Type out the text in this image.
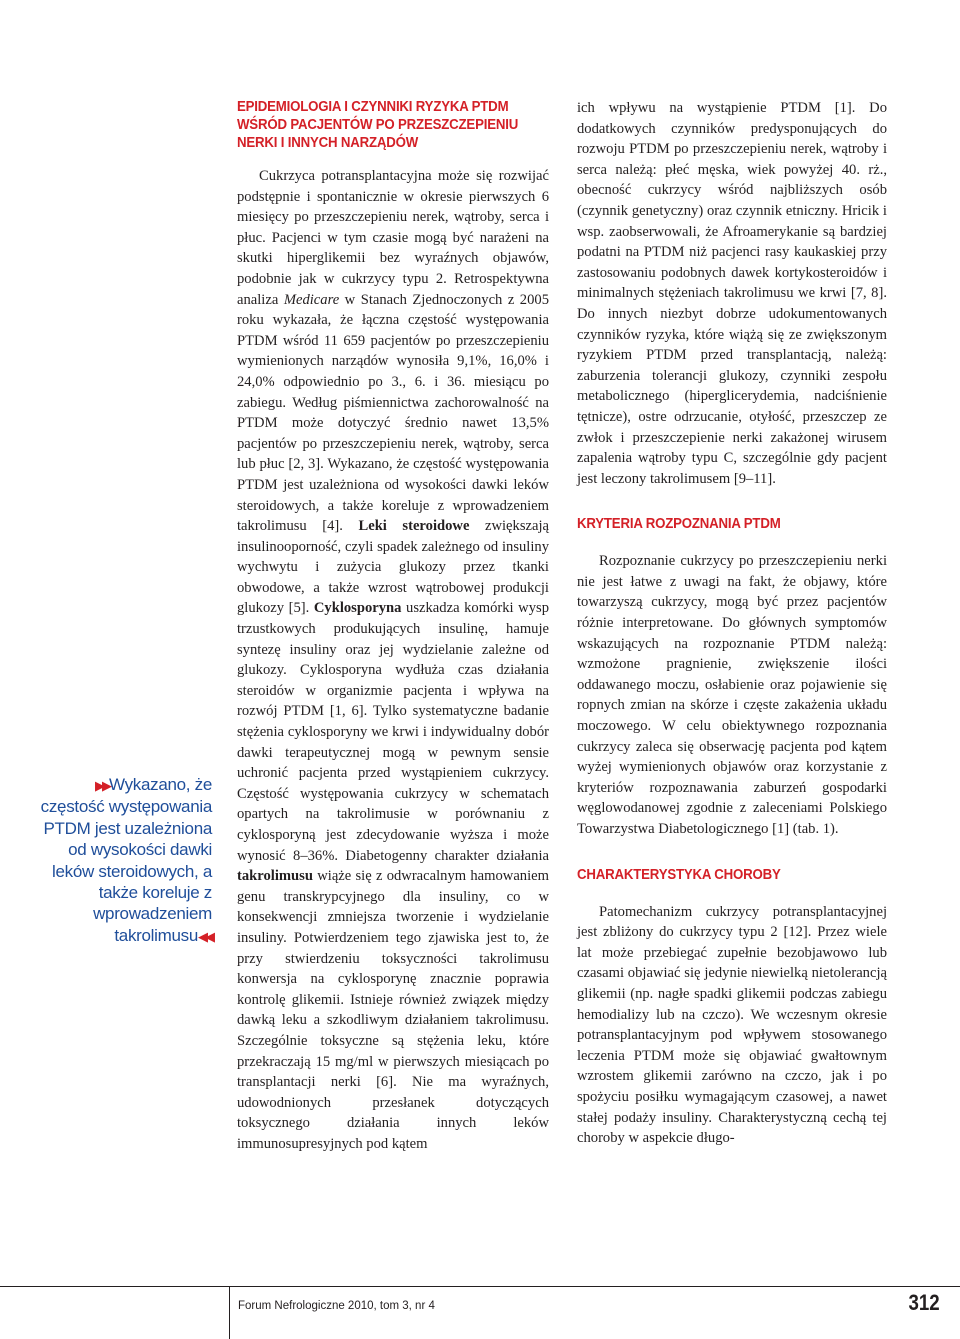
▶▶Wykazano, że częstość występowania PTDM jest uzależniona od wysokości dawki leków steroidowych, a także koreluje z wprowadzeniem takrolimusu◀◀
EPIDEMIOLOGIA I CZYNNIKI RYZYKA PTDM WŚRÓD PACJENTÓW PO PRZESZCZEPIENIU NERKI I INNYCH NARZĄDÓW

Cukrzyca potransplantacyjna może się rozwijać podstępnie i spontanicznie w okresie pierwszych 6 miesięcy po przeszczepieniu nerek, wątroby, serca i płuc. Pacjenci w tym czasie mogą być narażeni na skutki hiperglikemii bez wyraźnych objawów, podobnie jak w cukrzycy typu 2. Retrospektywna analiza Medicare w Stanach Zjednoczonych z 2005 roku wykazała, że łączna częstość występowania PTDM wśród 11 659 pacjentów po przeszczepieniu wymienionych narządów wynosiła 9,1%, 16,0% i 24,0% odpowiednio po 3., 6. i 36. miesiącu po zabiegu. Według piśmiennictwa zachorowalność na PTDM może dotyczyć średnio nawet 13,5% pacjentów po przeszczepieniu nerek, wątroby, serca lub płuc [2, 3]. Wykazano, że częstość występowania PTDM jest uzależniona od wysokości dawki leków steroidowych, a także koreluje z wprowadzeniem takrolimusu [4]. Leki steroidowe zwiększają insulinooporność, czyli spadek zależnego od insuliny wychwytu i zużycia glukozy przez tkanki obwodowe, a także wzrost wątrobowej produkcji glukozy [5]. Cyklosporyna uszkadza komórki wysp trzustkowych produkujących insulinę, hamuje syntezę insuliny oraz jej wydzielanie zależne od glukozy. Cyklosporyna wydłuża czas działania steroidów w organizmie pacjenta i wpływa na rozwój PTDM [1, 6]. Tylko systematyczne badanie stężenia cyklosporyny we krwi i indywidualny dobór dawki terapeutycznej mogą w pewnym sensie uchronić pacjenta przed wystąpieniem cukrzycy. Częstość występowania cukrzycy w schematach opartych na takrolimusie w porównaniu z cyklosporyną jest zdecydowanie wyższa i może wynosić 8–36%. Diabetogenny charakter działania takrolimusu wiąże się z odwracalnym hamowaniem genu transkrypcyjnego dla insuliny, co w konsekwencji zmniejsza tworzenie i wydzielanie insuliny. Potwierdzeniem tego zjawiska jest to, że przy stwierdzeniu toksyczności takrolimusu konwersja na cyklosporynę znacznie poprawia kontrolę glikemii. Istnieje również związek między dawką leku a szkodliwym działaniem takrolimusu. Szczególnie toksyczne są stężenia leku, które przekraczają 15 mg/ml w pierwszych miesiącach po transplantacji nerki [6]. Nie ma wyraźnych, udowodnionych przesłanek dotyczących toksycznego działania innych leków immunosupresyjnych pod kątem

ich wpływu na wystąpienie PTDM [1]. Do dodatkowych czynników predysponujących do rozwoju PTDM po przeszczepieniu nerek, wątroby i serca należą: płeć męska, wiek powyżej 40. rż., obecność cukrzycy wśród najbliższych osób (czynnik genetyczny) oraz czynnik etniczny. Hricik i wsp. zaobserwowali, że Afroamerykanie są bardziej podatni na PTDM niż pacjenci rasy kaukaskiej przy zastosowaniu podobnych dawek kortykosteroidów i minimalnych stężeniach takrolimusu we krwi [7, 8]. Do innych niezbyt dobrze udokumentowanych czynników ryzyka, które wiążą się ze zwiększonym ryzykiem PTDM przed transplantacją, należą: zaburzenia tolerancji glukozy, czynniki zespołu metabolicznego (hiperglicerydemia, nadciśnienie tętnicze), ostre odrzucanie, otyłość, przeszczep ze zwłok i przeszczepienie nerki zakażonej wirusem zapalenia wątroby typu C, szczególnie gdy pacjent jest leczony takrolimusem [9–11].

KRYTERIA ROZPOZNANIA PTDM

Rozpoznanie cukrzycy po przeszczepieniu nerki nie jest łatwe z uwagi na fakt, że objawy, które towarzyszą cukrzycy, mogą być przez pacjentów różnie interpretowane. Do głównych symptomów wskazujących na rozpoznanie PTDM należą: wzmożone pragnienie, zwiększenie ilości oddawanego moczu, osłabienie oraz pojawienie się ropnych zmian na skórze i częste zakażenia układu moczowego. W celu obiektywnego rozpoznania cukrzycy zaleca się obserwację pacjenta pod kątem wyżej wymienionych objawów oraz korzystanie z kryteriów rozpoznawania zaburzeń gospodarki węglowodanowej zgodnie z zaleceniami Polskiego Towarzystwa Diabetologicznego [1] (tab. 1).

CHARAKTERYSTYKA CHOROBY

Patomechanizm cukrzycy potransplantacyjnej jest zbliżony do cukrzycy typu 2 [12]. Przez wiele lat może przebiegać zupełnie bezobjawowo lub czasami objawiać się jedynie niewielką nietolerancją glikemii (np. nagłe spadki glikemii podczas zabiegu hemodializy lub na czczo). We wczesnym okresie potransplantacyjnym pod wpływem stosowanego leczenia PTDM może się objawiać gwałtownym wzrostem glikemii zarówno na czczo, jak i po spożyciu posiłku wymagającym czasowej, a nawet stałej podaży insuliny. Charakterystyczną cechą tej choroby w aspekcie długo-

312
Forum Nefrologiczne 2010, tom 3, nr 4
